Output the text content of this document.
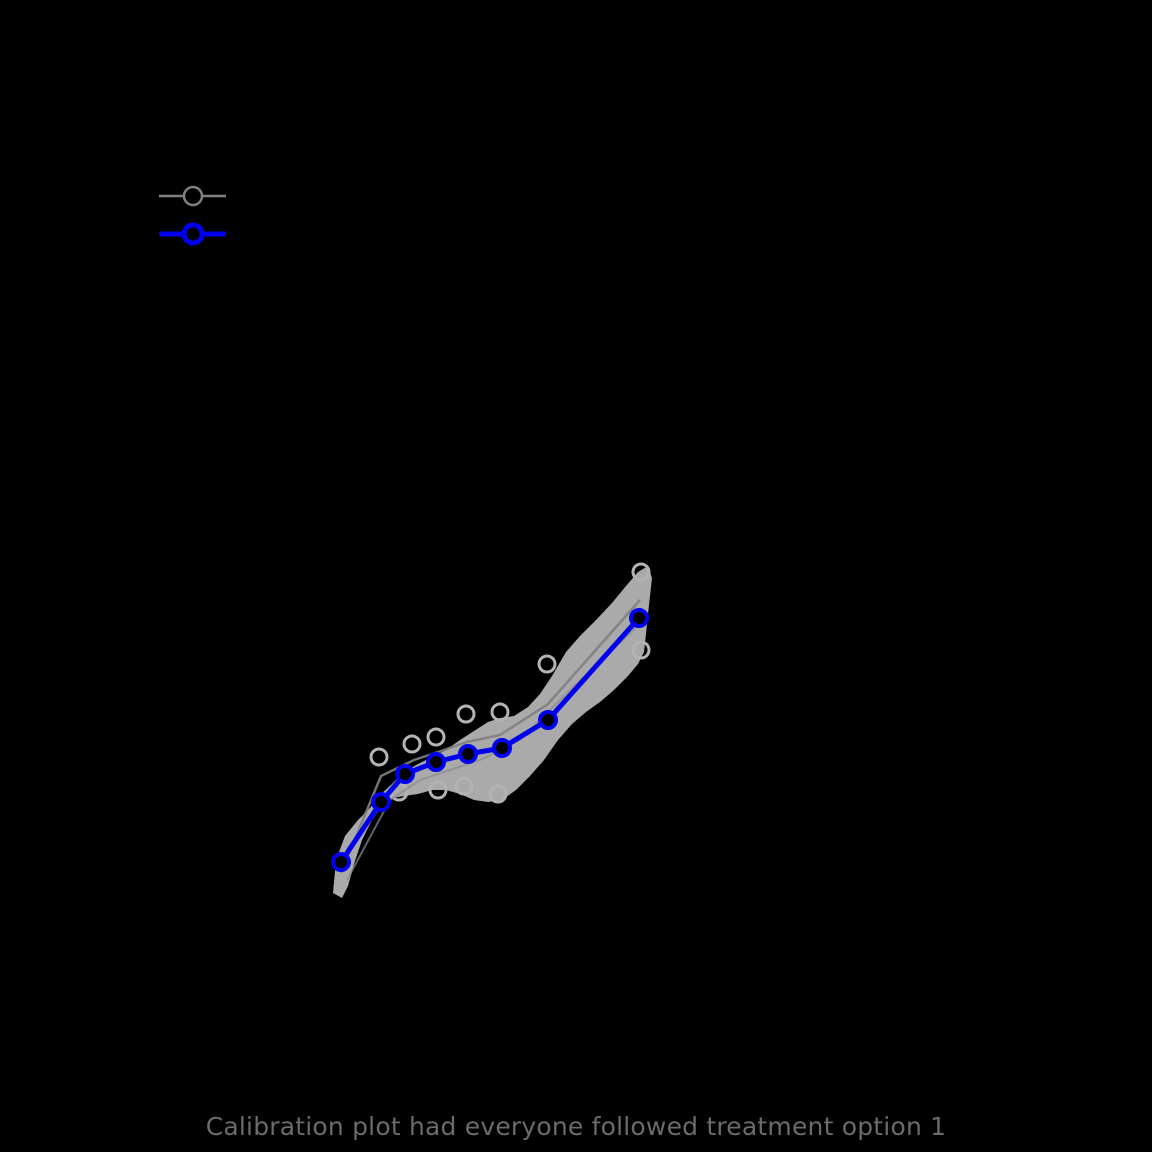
Calibration plot had everyone followed treatment option 1
